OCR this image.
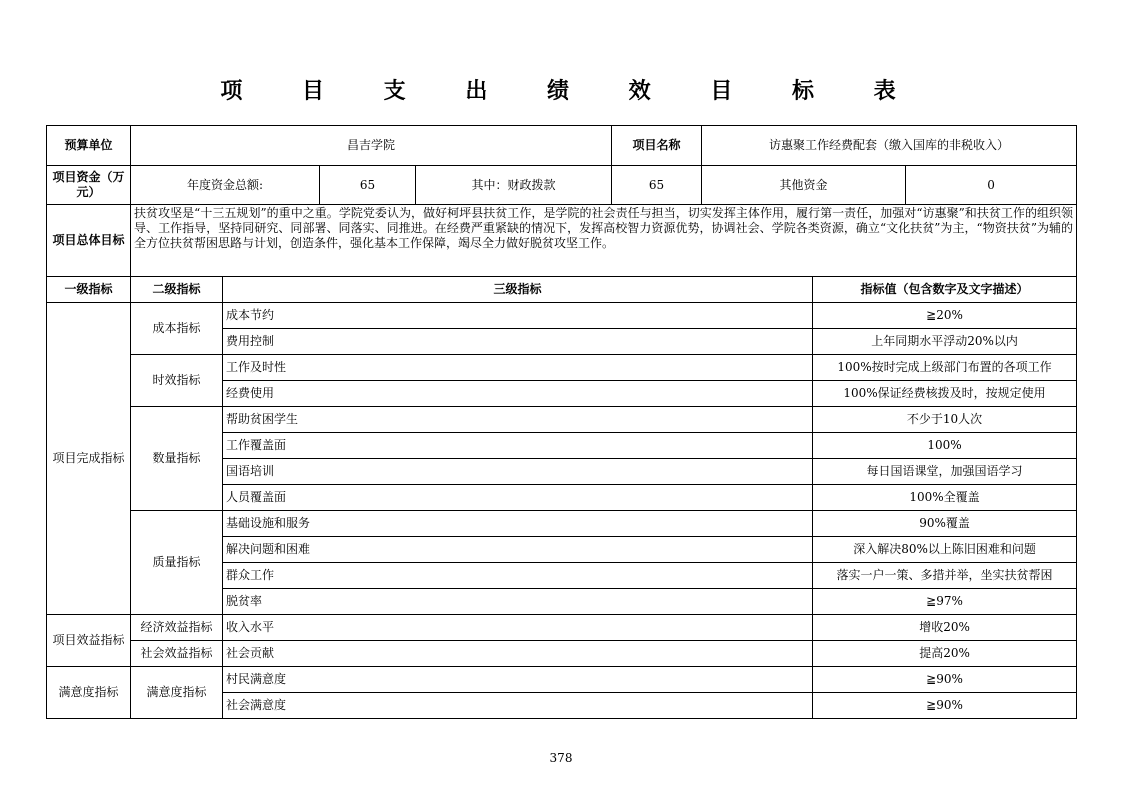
项 目 支 出 绩 效 目 标 表
预算单位	昌吉学院				项目名称	访惠聚工作经费配套（缴入国库的非税收入）		
项目资金（万元）	年度资金总额:		65	其中：财政拨款	65	其他资金		0
项目总体目标	扶贫攻坚是“十三五规划”的重中之重。学院党委认为，做好柯坪县扶贫工作，是学院的社会责任与担当，切实发挥主体作用，履行第一责任，加强对“访惠聚”和扶贫工作的组织领导、工作指导，坚持同研究、同部署、同落实、同推进。在经费严重紧缺的情况下，发挥高校智力资源优势，协调社会、学院各类资源，确立“文化扶贫”为主，“物资扶贫”为辅的全方位扶贫帮困思路与计划，创造条件，强化基本工作保障，竭尽全力做好脱贫攻坚工作。							
一级指标	二级指标	三级指标					指标值（包含数字及文字描述）	
项目完成指标	成本指标	成本节约					≧20%	
		费用控制					上年同期水平浮动20%以内	
	时效指标	工作及时性					100%按时完成上级部门布置的各项工作	
		经费使用					100%保证经费核拨及时，按规定使用	
	数量指标	帮助贫困学生					不少于10人次	
		工作覆盖面					100%	
		国语培训					每日国语课堂，加强国语学习	
		人员覆盖面					100%全覆盖	
	质量指标	基础设施和服务					90%覆盖	
		解决问题和困难					深入解决80%以上陈旧困难和问题	
		群众工作					落实一户一策、多措并举，坐实扶贫帮困	
		脱贫率					≧97%	
项目效益指标	经济效益指标	收入水平					增收20%	
	社会效益指标	社会贡献					提高20%	
满意度指标	满意度指标	村民满意度					≧90%	
		社会满意度					≧90%	
378
